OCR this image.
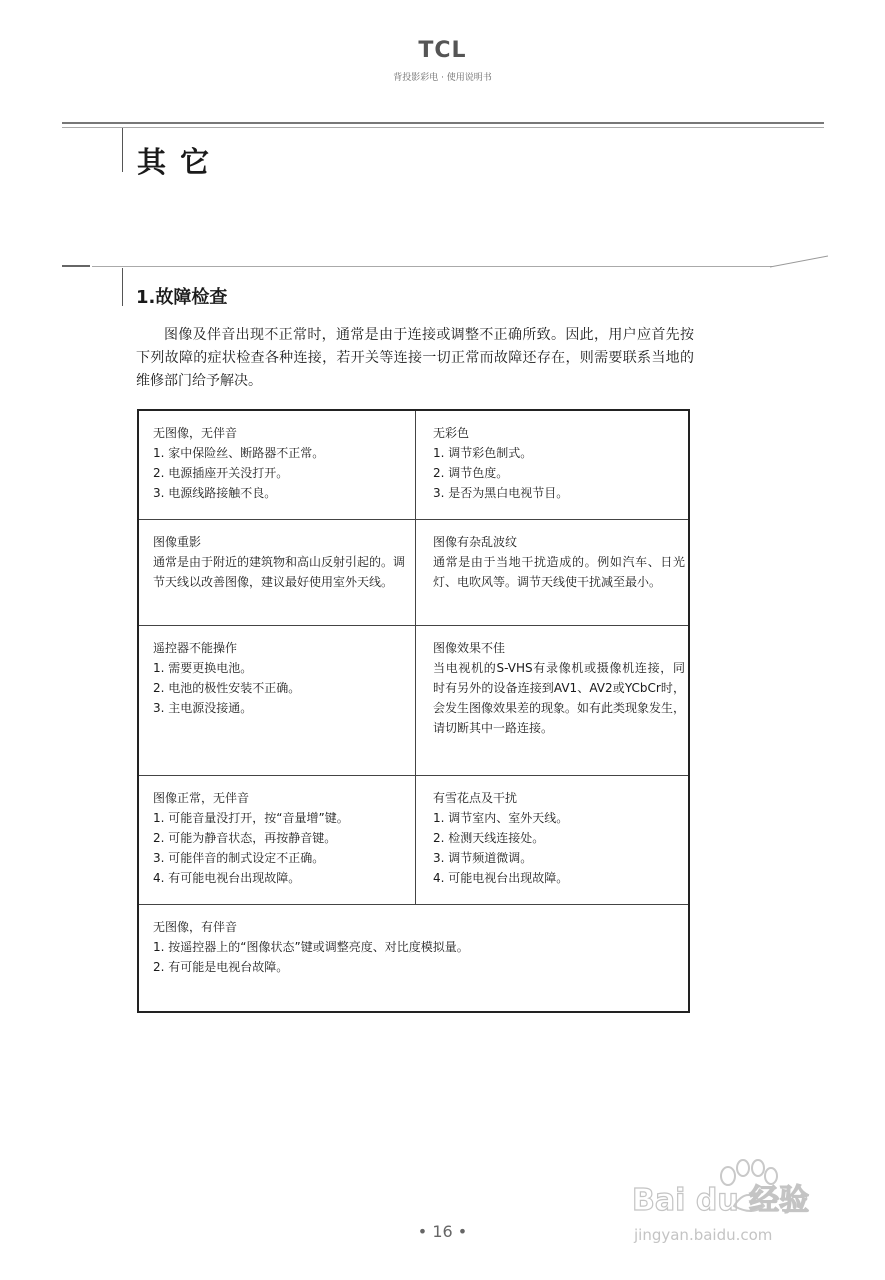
TCL
背投影彩电 · 使用说明书
其它
1.故障检查
图像及伴音出现不正常时，通常是由于连接或调整不正确所致。因此，用户应首先按下列故障的症状检查各种连接，若开关等连接一切正常而故障还存在，则需要联系当地的维修部门给予解决。
无图像，无伴音
1. 家中保险丝、断路器不正常。
2. 电源插座开关没打开。
3. 电源线路接触不良。
无彩色
1. 调节彩色制式。
2. 调节色度。
3. 是否为黑白电视节目。
图像重影
通常是由于附近的建筑物和高山反射引起的。调节天线以改善图像，建议最好使用室外天线。
图像有杂乱波纹
通常是由于当地干扰造成的。例如汽车、日光灯、电吹风等。调节天线使干扰减至最小。
遥控器不能操作
1. 需要更换电池。
2. 电池的极性安装不正确。
3. 主电源没接通。
图像效果不佳
当电视机的S-VHS有录像机或摄像机连接，同时有另外的设备连接到AV1、AV2或YCbCr时，会发生图像效果差的现象。如有此类现象发生，请切断其中一路连接。
图像正常，无伴音
1. 可能音量没打开，按“音量增”键。
2. 可能为静音状态，再按静音键。
3. 可能伴音的制式设定不正确。
4. 有可能电视台出现故障。
有雪花点及干扰
1. 调节室内、室外天线。
2. 检测天线连接处。
3. 调节频道微调。
4. 可能电视台出现故障。
无图像，有伴音
1. 按遥控器上的“图像状态”键或调整亮度、对比度模拟量。
2. 有可能是电视台故障。
Bai du 经验
jingyan.baidu.com
• 16 •
